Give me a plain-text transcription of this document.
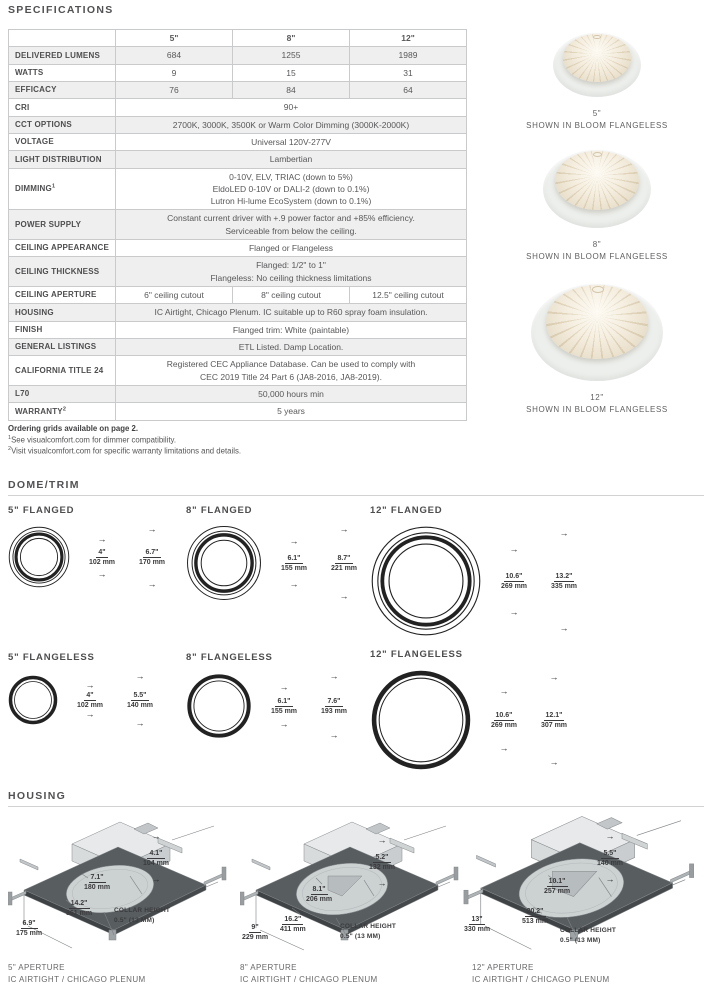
SPECIFICATIONS
	5"	8"	12"
DELIVERED LUMENS	684	1255	1989
WATTS	9	15	31
EFFICACY	76	84	64
CRI	90+		
CCT OPTIONS	2700K, 3000K, 3500K or Warm Color Dimming (3000K-2000K)		
VOLTAGE	Universal 120V-277V		
LIGHT DISTRIBUTION	Lambertian		
DIMMING$^1$	0-10V, ELV, TRIAC (down to 5%)
EldoLED 0-10V or DALI-2 (down to 0.1%)
Lutron Hi-lume EcoSystem (down to 0.1%)		

POWER SUPPLY	Constant current driver with +.9 power factor and +85% efficiency.
Serviceable from below the ceiling.		

CEILING APPEARANCE	Flanged or Flangeless		
CEILING THICKNESS	Flanged: 1/2" to 1"
Flangeless: No ceiling thickness limitations		

CEILING APERTURE	6" ceiling cutout	8" ceiling cutout	12.5" ceiling cutout
HOUSING	IC Airtight, Chicago Plenum. IC suitable up to R60 spray foam insulation.		
FINISH	Flanged trim: White (paintable)		
GENERAL LISTINGS	ETL Listed. Damp Location.		
CALIFORNIA TITLE 24	Registered CEC Appliance Database. Can be used to comply with
CEC 2019 Title 24 Part 6 (JA8-2016, JA8-2019).		

L70	50,000 hours min		
WARRANTY$^2$	5 years		
Ordering grids available on page 2.
$^1$See visualcomfort.com for dimmer compatibility.
$^2$Visit visualcomfort.com for specific warranty limitations and details.
5"
SHOWN IN BLOOM FLANGELESS
8"
SHOWN IN BLOOM FLANGELESS
12"
SHOWN IN BLOOM FLANGELESS
DOME/TRIM
5" FLANGED
→
4"
102 mm
→
→
6.7"
170 mm
→
8" FLANGED
→
6.1"
155 mm
→
→
8.7"
221 mm
→
12" FLANGED
→
10.6"
269 mm
→
→
13.2"
335 mm
→
5" FLANGELESS
→
4"
102 mm
→
→
5.5"
140 mm
→
8" FLANGELESS
→
6.1"
155 mm
→
→
7.6"
193 mm
→
12" FLANGELESS
→
10.6"
269 mm
→
→
12.1"
307 mm
→
HOUSING
→
4.1"
104 mm
→
7.1"
180 mm
14.2"
361 mm	COLLAR HEIGHT
0.5" (13 MM)
6.9"
175 mm
→
5.2"
132 mm
→
8.1"
206 mm
16.2"
411 mm	COLLAR HEIGHT
0.5" (13 MM)
9"
229 mm
→
5.5"
140 mm
→
10.1"
257 mm
20.2"
513 mm
COLLAR HEIGHT
0.5" (13 MM)
13"
330 mm
5" APERTURE
IC AIRTIGHT / CHICAGO PLENUM
8" APERTURE
IC AIRTIGHT / CHICAGO PLENUM
12" APERTURE
IC AIRTIGHT / CHICAGO PLENUM
